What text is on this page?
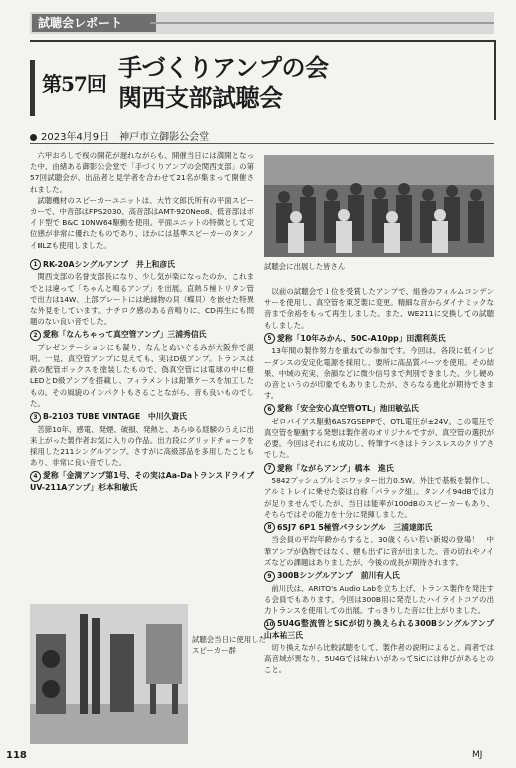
試聴会レポート
第57回
手づくりアンプの会
関西支部試聴会
2023年4月9日　神戸市立御影公会堂

六甲おろしで桜の開花が遅れながらも、開催当日には満開となった中、由緒ある御影公会堂で「手づくりアンプの会関西支部」の第57回試聴会が、出品者と見学者を合わせて21名が集まって開催されました。

試聴機材のスピーカーユニットは、大竹文郎氏所有の平面スピーカーで、中音部はFPS2030、高音部はAMT-920Neo8、低音部はボイド型で B&C 10NW64駆動を使用。平面ユニットの特徴として定位感が非常に優れたものであり、ほかには基準スピーカーのタンノイⅢLZも使用しました。

1 RK-20Aシングルアンプ　井上和彦氏

関西支部の名誉支部長になり、少し気が楽になったのか、これまでとは違って「ちゃんと鳴るアンプ」を出展。直熱５極トリタン管で出力は14W、上部プレートには絶縁物の貝（蝶貝）を嵌せた特異な外見をしています。ナチロク感のある音鳴りに、CD再生にも問題のない良い音でした。

2 愛称「なんちゃって真空管アンプ」三浦秀信氏

プレゼンテーションにも凝り、なんとぬいぐるみが大阪弁で説明。一見、真空管アンプに見えても、実はD級アンプ。トランスは鉄の配管ボックスを塗装したもので、偽真空管には電球の中に橙LEDとD級アンプを搭載し、フィラメントは鉛筆ケースを加工したもの。その風貌のインパクトもさることながら、音も良いものでした。

3 B-2103 TUBE VINTAGE　中川久資氏

苦節10年、感電、発煙、破損、発熱と、あらゆる経験のうえに出来上がった製作者お気に入りの作品。出力段にグリッドチョークを採用した211シングルアンプ。さすがに高級部品を多用したこともあり、非常に良い音でした。

4 愛称「金満アンプ第1号、その実はAa-Daトランスドライブ UV-211Aアンプ」杉本和敏氏
試聴会に出展した皆さん

以前の試聴会で１位を受賞したアンプで、組巻のフィルムコンデンサーを使用し、真空管を東芝製に変更。精細な音からダイナミックな音まで余裕をもって再生しました。また、WE211に交換しての試聴もしました。

5 愛称「10年みかん、50C-A10pp」田淵利英氏

13年間の製作努力を重ねての参加です。今回は、各段に低インピーダンスの安定化電源を採用し、要所に高品質パーツを使用。その結果、中域の充実、余韻などに微少信号まで判別できました。少し硬めの音というのが印象でもありましたが、さらなる進化が期待できます。

6 愛称「安全安心真空管OTL」池田敏弘氏

ゼロバイアス駆動6AS7GSEPPで、OTL電圧が±24V。この電圧で真空管を駆動する発想は製作者のオリジナルですが、真空管の選択が必要。今回はそれにも成功し、特筆すべきはトランスレスのクリアさでした。

7 愛称「ながらアンプ」橋本　進氏

5842プッシュプルミニワッター出力0.5W。外注で基板を製作し、アルミトレイに乗せた姿は自称「パラック組」。タンノイ94dBでは力が足りませんでしたが、当日は能率が100dBのスピーカーもあり、そちらではその能力を十分に発揮しました。

8 6SJ7 6P1 5極管パラシングル　三浦達郎氏

当会員の平均年齢からすると、30歳くらい若い新規の登場！　中華アンプが偽物ではなく、煙も出ずに音が出ました。音の切れやノイズなどの課題はありましたが、今後の成長が期待されます。

9 300Bシングルアンプ　前川有人氏

前川氏は、ARITO's Audio Labを立ち上げ、トランス製作を発注する会員でもあります。今回は300B用に発売したハイライトコアの出力トランスを使用しての出展。すっきりした音に仕上がりました。

10 5U4G整流管とSiCが切り換えられる300Bシングルアンプ　山本祐三氏

切り換えながら比較試聴をして、製作者の説明によると、両者では高音域が異なり、5U4Gでは味わいがあってSiCには伸びがあるとのこと。

試聴会当日に使用したスピーカー群
118	MJ
